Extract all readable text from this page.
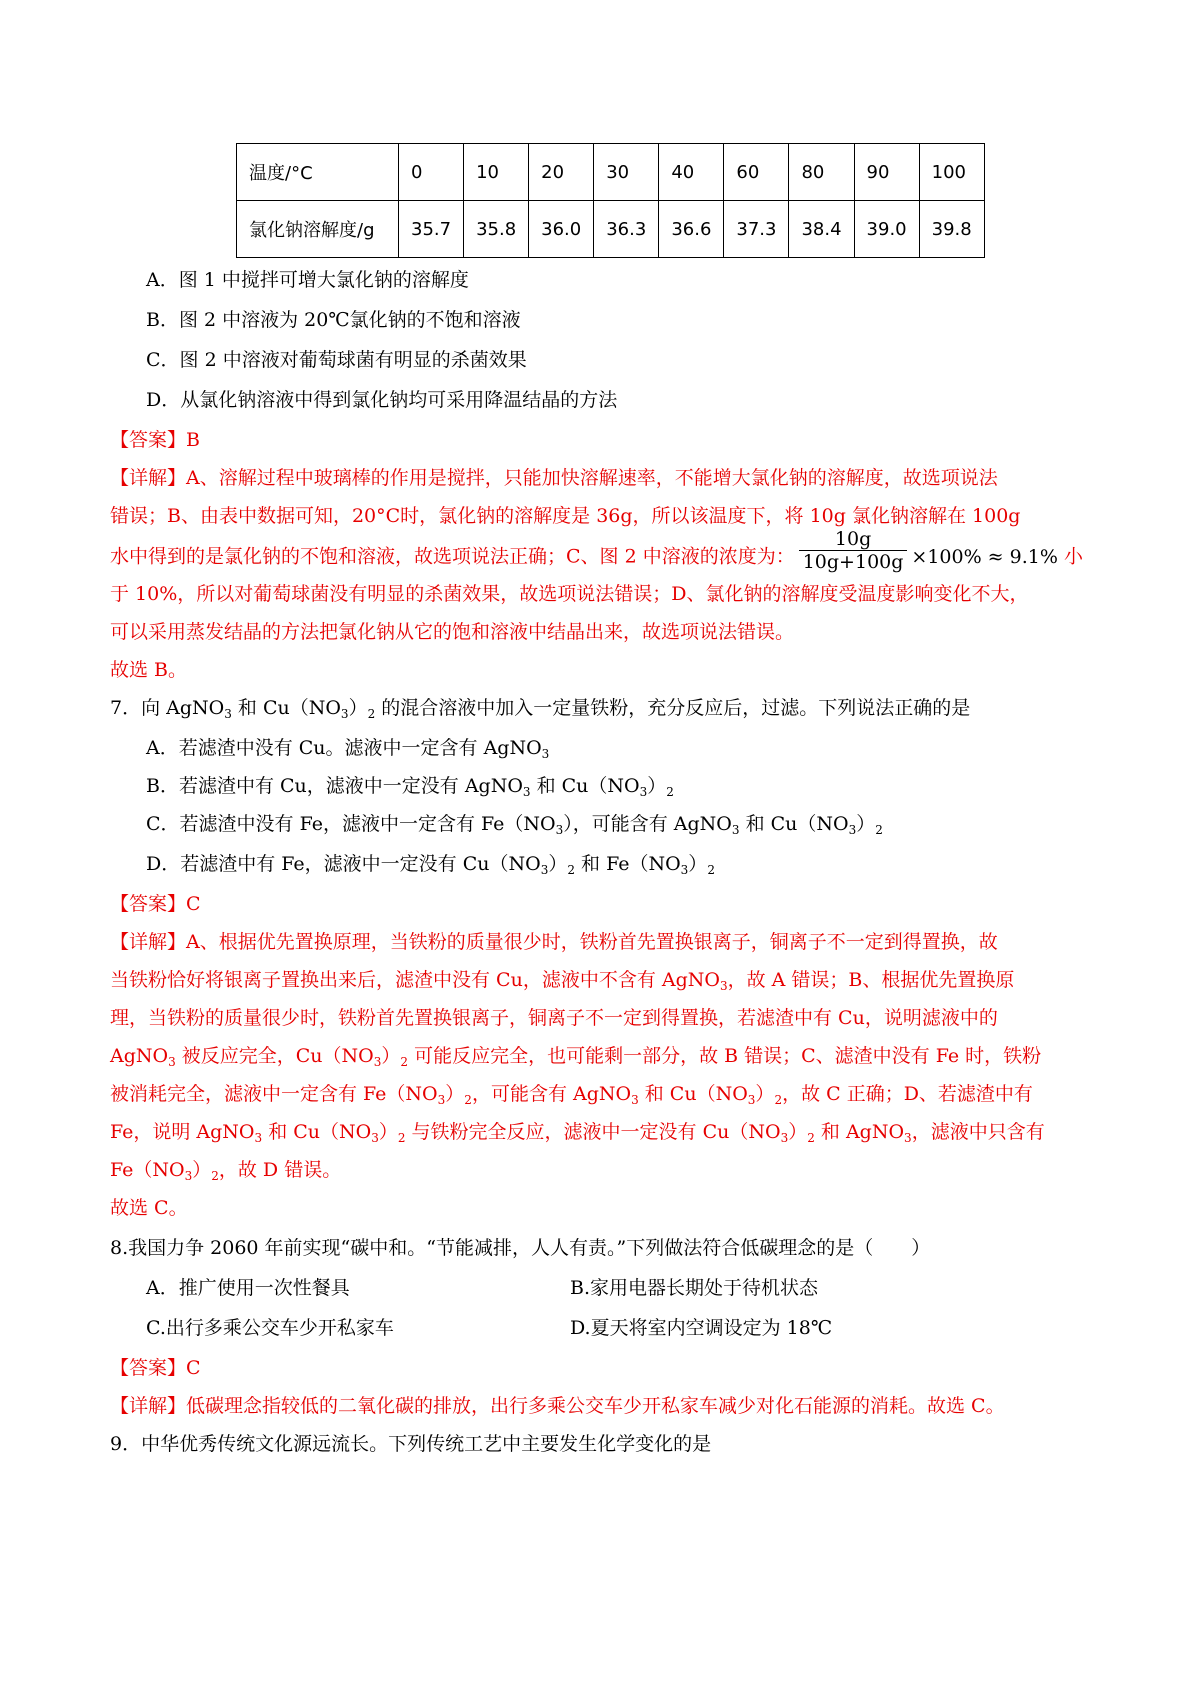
温度/°C	0	10	20	30	40	60	80	90	100
氯化钠溶解度/g	35.7	35.8	36.0	36.3	36.6	37.3	38.4	39.0	39.8
A．图 1 中搅拌可增大氯化钠的溶解度
B．图 2 中溶液为 20℃氯化钠的不饱和溶液
C．图 2 中溶液对葡萄球菌有明显的杀菌效果
D．从氯化钠溶液中得到氯化钠均可采用降温结晶的方法
【答案】B
【详解】A、溶解过程中玻璃棒的作用是搅拌，只能加快溶解速率，不能增大氯化钠的溶解度，故选项说法
错误；B、由表中数据可知，20°C时，氯化钠的溶解度是 36g，所以该温度下，将 10g 氯化钠溶解在 100g
水中得到的是氯化钠的不饱和溶液，故选项说法正确；C、图 2 中溶液的浓度为： $\frac{10g}{10g+100g} \times 100\% \approx 9.1\%$ 小
于 10%，所以对葡萄球菌没有明显的杀菌效果，故选项说法错误；D、氯化钠的溶解度受温度影响变化不大，
可以采用蒸发结晶的方法把氯化钠从它的饱和溶液中结晶出来，故选项说法错误。
故选 B。
7．向 AgNO$_3$ 和 $Cu(NO_3)_2$ 的混合溶液中加入一定量铁粉，充分反应后，过滤。下列说法正确的是
A．若滤渣中没有 Cu。滤液中一定含有 AgNO$_3$
B．若滤渣中有 Cu，滤液中一定没有 AgNO$_3$ 和 $Cu(NO_3)_2$
C．若滤渣中没有 Fe，滤液中一定含有 $Fe(NO_3)$，可能含有 AgNO$_3$ 和 $Cu(NO_3)_2$
D．若滤渣中有 Fe，滤液中一定没有 $Cu(NO_3)_2$ 和 $Fe(NO_3)_2$
【答案】C
【详解】A、根据优先置换原理，当铁粉的质量很少时，铁粉首先置换银离子，铜离子不一定到得置换，故
当铁粉恰好将银离子置换出来后，滤渣中没有 Cu，滤液中不含有 AgNO$_3$，故 A 错误；B、根据优先置换原
理，当铁粉的质量很少时，铁粉首先置换银离子，铜离子不一定到得置换，若滤渣中有 Cu，说明滤液中的
AgNO$_3$ 被反应完全，$Cu(NO_3)_2$ 可能反应完全，也可能剩一部分，故 B 错误；C、滤渣中没有 Fe 时，铁粉
被消耗完全，滤液中一定含有 $Fe(NO_3)_2$，可能含有 AgNO$_3$ 和 $Cu(NO_3)_2$，故 C 正确；D、若滤渣中有
Fe，说明 AgNO$_3$ 和 $Cu(NO_3)_2$ 与铁粉完全反应，滤液中一定没有 $Cu(NO_3)_2$ 和 AgNO$_3$，滤液中只含有
$Fe(NO_3)_2$，故 D 错误。
故选 C。
8.我国力争 2060 年前实现“碳中和。“节能减排，人人有责。”下列做法符合低碳理念的是（　　）
A．推广使用一次性餐具	B.家用电器长期处于待机状态
C.出行多乘公交车少开私家车	D.夏天将室内空调设定为 18℃
【答案】C
【详解】低碳理念指较低的二氧化碳的排放，出行多乘公交车少开私家车减少对化石能源的消耗。故选 C。
9．中华优秀传统文化源远流长。下列传统工艺中主要发生化学变化的是
